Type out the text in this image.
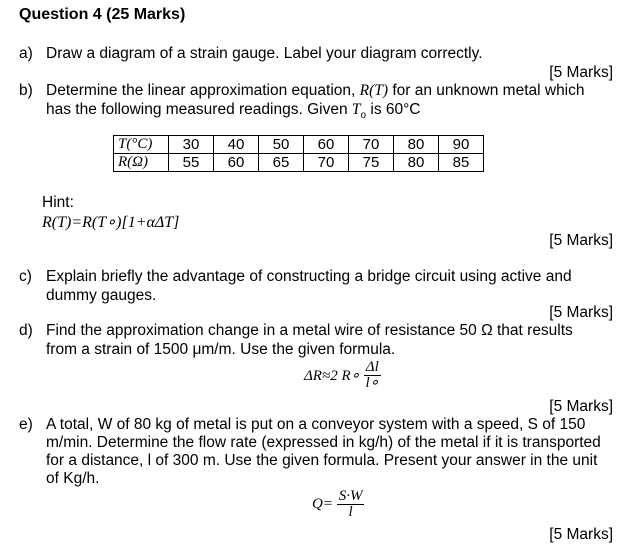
Question 4 (25 Marks)
a) Draw a diagram of a strain gauge. Label your diagram correctly.
[5 Marks]
b) Determine the linear approximation equation, R(T) for an unknown metal which
has the following measured readings. Given $T_o$ is 60°C
T(°C)	30	40	50	60	70	80	90
R(Ω)	55	60	65	70	75	80	85
Hint:
R(T)=R(T∘)[1+αΔT]
[5 Marks]
c) Explain briefly the advantage of constructing a bridge circuit using active and
dummy gauges.
[5 Marks]
d) Find the approximation change in a metal wire of resistance 50 Ω that results
from a strain of 1500 μm/m. Use the given formula.
ΔR≈2 R∘ $\frac{\Delta l}{l\circ}$
[5 Marks]
e) A total, W of 80 kg of metal is put on a conveyor system with a speed, S of 150
m/min. Determine the flow rate (expressed in kg/h) of the metal if it is transported
for a distance, l of 300 m. Use the given formula. Present your answer in the unit
of Kg/h.
$Q= \frac{S\cdot W}{l}$
[5 Marks]
